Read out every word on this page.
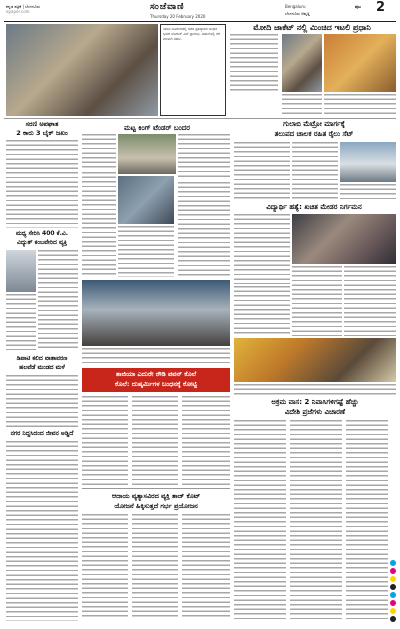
ಕನ್ನಡ ಪತ್ರಿಕೆ | ಬೆಂಗಳೂರು
epaper.com	ಸಂಜೆವಾಣಿ
Thursday 20 February 2020
Bengaluru
ಬೆಂಗಳೂರು ಆವೃತ್ತಿ
ಪುಟ 2
ಯಾವ ಜೂರಂಗದಲ್ಲಿ ಗವತ ಪ್ರತಿಷ್ಠಾನದ ಬಂಧನ ಭವದ ಲೋಲಕ್ ವಿಸ್ ಪ್ರಾರಂಭ. ವರ್ಷಗಳಲ್ಲಿ ಕೆರೆ ಮುಳುಗಿ ಸಹಜ.
ಮೋದಿ ಜಾಕೆಟ್ ನಲ್ಲಿ ಮಿಂಚಿದ ಇಟಲಿ ಪ್ರಧಾನಿ
ಸರಣಿ ಅಪಘಾತ
2 ಕಾರು 3 ಬೈಕ್ ಜಖಂ
ಮಟ್ಟ ಕಿಂಗ್ ಟೆಂಡರ್ ಬಂದರ	ಗುಲಾಬಿ ಮೆಟ್ರೋ ಮಾರ್ಗಕ್ಕೆ
ತಲುಪದ ಚಾಲಕ ರಹಿತ ರೈಲು ಸೆಟ್
ಮಧ್ಯ ಸೇರಿಸಿ 400 ಕೆ.ವಿ.
ವಿದ್ಯುತ್ ಕಂಬವೇರಿದ ವ್ಯಕ್ತಿ
ವಿದ್ಯಾರ್ಥಿ ಹತ್ಯೆ: ಖಚಿತ ಮೇಡರ ನಿರ್ಗಮನ
ತಾಜಿಯಾ ಎದುರೇ ರೌಡಿ ಪವನ್ ಕೊಲೆ
ಕೊಲೆ: ದುಷ್ಕರ್ಮಿಗಳ ಬಂಧನಕ್ಕೆ ಕೋಟ್ಟಿ
ಡಿಪಾಟಿ ಕಲಿದ ವಾತಾವರಣ
ಹಲವೆಡೆ ಮಂಡದ ಮಳೆ
ಅಕ್ರಮ ವಾಸ: 2 ನಿವಾಸಿಗಳಿಗಷ್ಟೆ ಹೆಚ್ಚು
ವಿದೇಶಿ ಪ್ರಜೆಗಳು ವಿಚಾರಣೆ
ನಗರ ನಿದ್ದಸಿದಂದ ಜೀವನ ಅಡ್ಡಿದೆ
ಆದಾಯ ವ್ಯತ್ಯಾಸವಿರದ ವ್ಯಕ್ತಿ ತಾಜ್ ಕೊಟ್
ಯೋಜನೆ ಹಿಕ್ಕಿಸುತ್ತದೆ ಗರ್ಭ ಪ್ರಯೋಜನ
